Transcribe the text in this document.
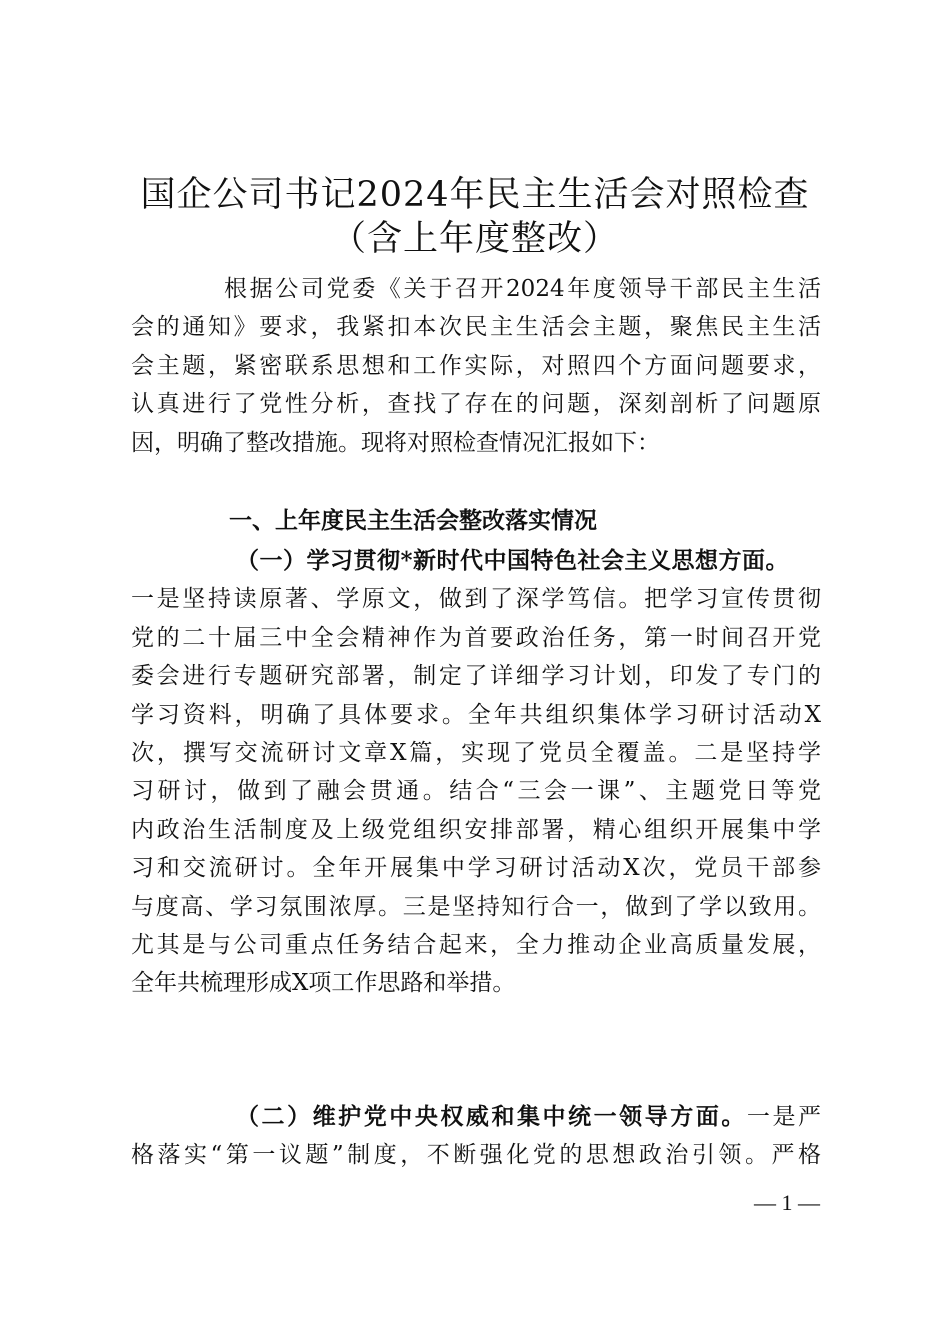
国企公司书记2024年民主生活会对照检查
（含上年度整改）
根据公司党委《关于召开2024年度领导干部民主生活
会的通知》要求，我紧扣本次民主生活会主题，聚焦民主生活
会主题，紧密联系思想和工作实际，对照四个方面问题要求，
认真进行了党性分析，查找了存在的问题，深刻剖析了问题原
因，明确了整改措施。现将对照检查情况汇报如下：
一、上年度民主生活会整改落实情况
（一）学习贯彻*新时代中国特色社会主义思想方面。
一是坚持读原著、学原文，做到了深学笃信。把学习宣传贯彻
党的二十届三中全会精神作为首要政治任务，第一时间召开党
委会进行专题研究部署，制定了详细学习计划，印发了专门的
学习资料，明确了具体要求。全年共组织集体学习研讨活动X
次，撰写交流研讨文章X篇，实现了党员全覆盖。二是坚持学
习研讨，做到了融会贯通。结合“三会一课”、主题党日等党
内政治生活制度及上级党组织安排部署，精心组织开展集中学
习和交流研讨。全年开展集中学习研讨活动X次，党员干部参
与度高、学习氛围浓厚。三是坚持知行合一，做到了学以致用。
尤其是与公司重点任务结合起来，全力推动企业高质量发展，
全年共梳理形成X项工作思路和举措。
（二）维护党中央权威和集中统一领导方面。一是严
格落实“第一议题”制度，不断强化党的思想政治引领。严格
— 1 —
